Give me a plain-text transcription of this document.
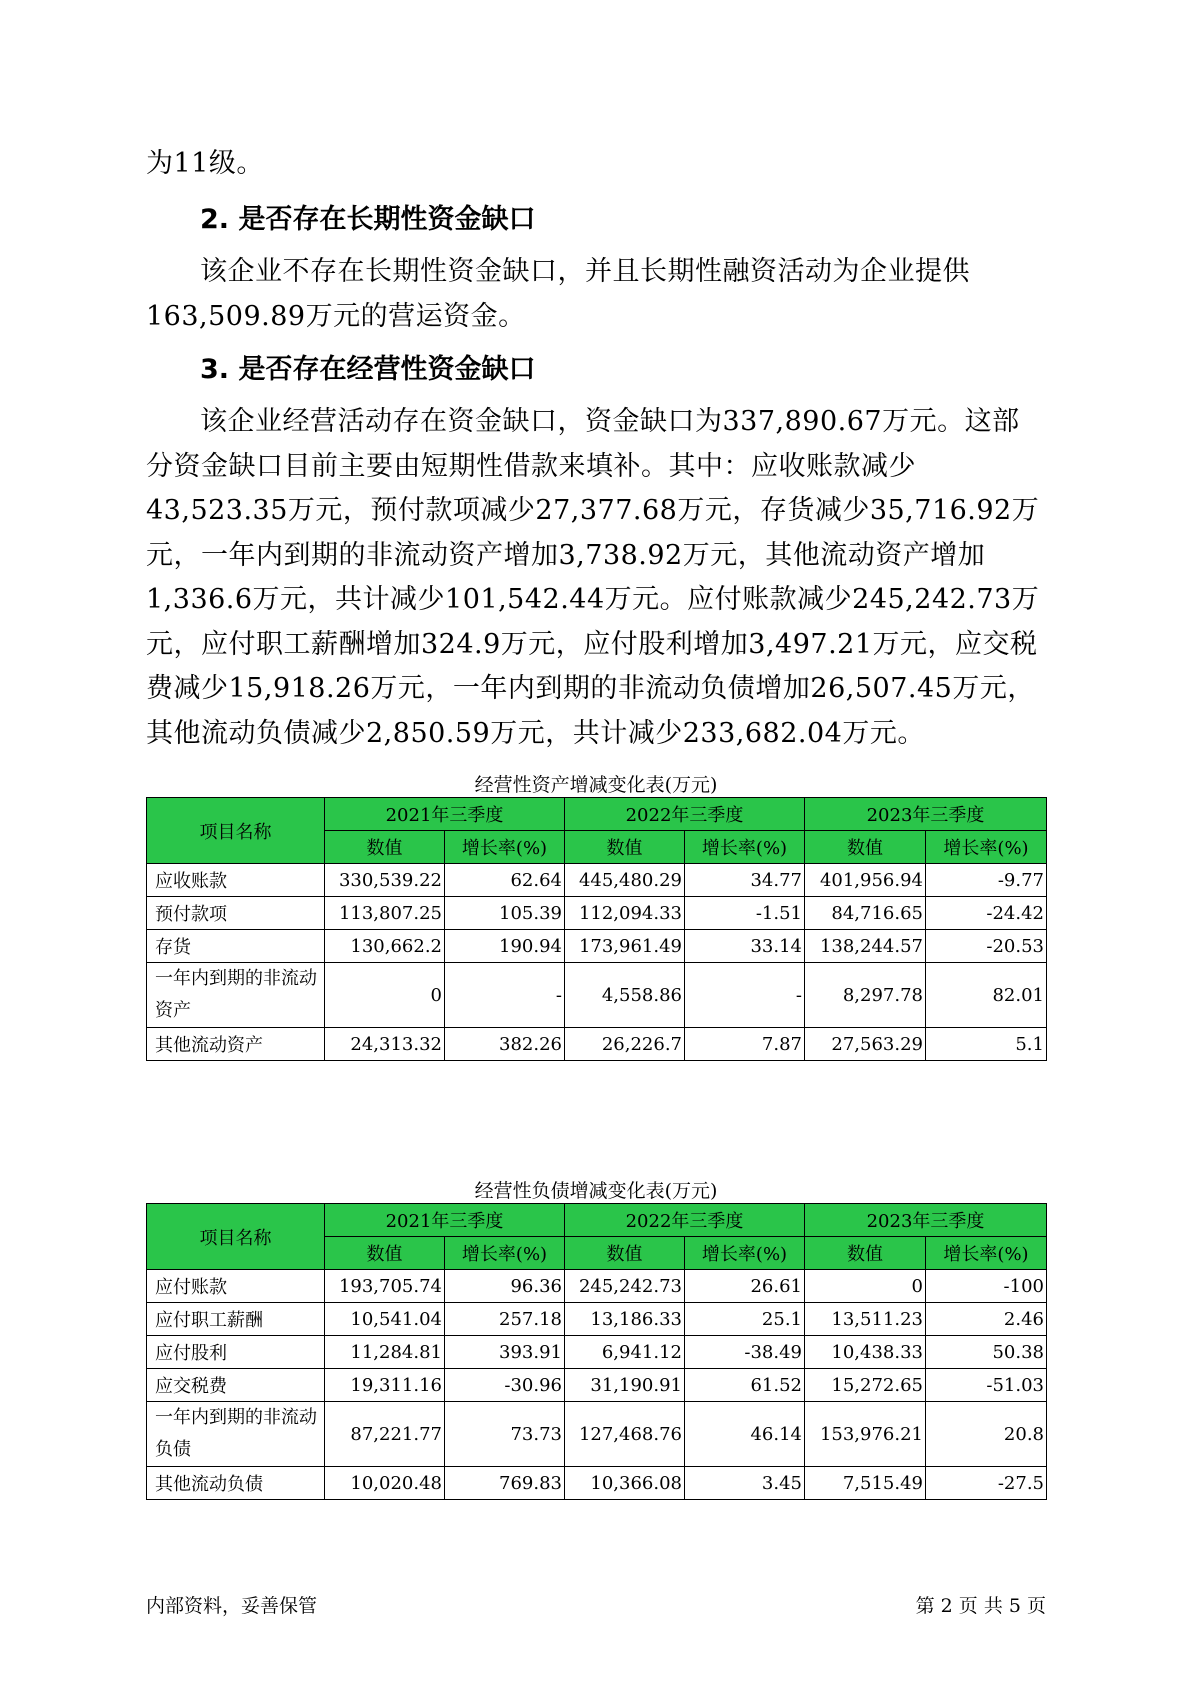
为11级。

2. 是否存在长期性资金缺口

该企业不存在长期性资金缺口，并且长期性融资活动为企业提供163,509.89万元的营运资金。

3. 是否存在经营性资金缺口

该企业经营活动存在资金缺口，资金缺口为337,890.67万元。这部分资金缺口目前主要由短期性借款来填补。其中：应收账款减少43,523.35万元，预付款项减少27,377.68万元，存货减少35,716.92万元，一年内到期的非流动资产增加3,738.92万元，其他流动资产增加1,336.6万元，共计减少101,542.44万元。应付账款减少245,242.73万元，应付职工薪酬增加324.9万元，应付股利增加3,497.21万元，应交税费减少15,918.26万元，一年内到期的非流动负债增加26,507.45万元，其他流动负债减少2,850.59万元，共计减少233,682.04万元。

经营性资产增减变化表(万元)
项目名称	2021年三季度		2022年三季度		2023年三季度	
	数值	增长率(%)	数值	增长率(%)	数值	增长率(%)
应收账款	330,539.22	62.64	445,480.29	34.77	401,956.94	-9.77
预付款项	113,807.25	105.39	112,094.33	-1.51	84,716.65	-24.42
存货	130,662.2	190.94	173,961.49	33.14	138,244.57	-20.53
一年内到期的非流动资产	0	-	4,558.86	-	8,297.78	82.01
其他流动资产	24,313.32	382.26	26,226.7	7.87	27,563.29	5.1
经营性负债增减变化表(万元)
项目名称	2021年三季度		2022年三季度		2023年三季度	
	数值	增长率(%)	数值	增长率(%)	数值	增长率(%)
应付账款	193,705.74	96.36	245,242.73	26.61	0	-100
应付职工薪酬	10,541.04	257.18	13,186.33	25.1	13,511.23	2.46
应付股利	11,284.81	393.91	6,941.12	-38.49	10,438.33	50.38
应交税费	19,311.16	-30.96	31,190.91	61.52	15,272.65	-51.03
一年内到期的非流动负债	87,221.77	73.73	127,468.76	46.14	153,976.21	20.8
其他流动负债	10,020.48	769.83	10,366.08	3.45	7,515.49	-27.5
内部资料，妥善保管	第 2 页 共 5 页
